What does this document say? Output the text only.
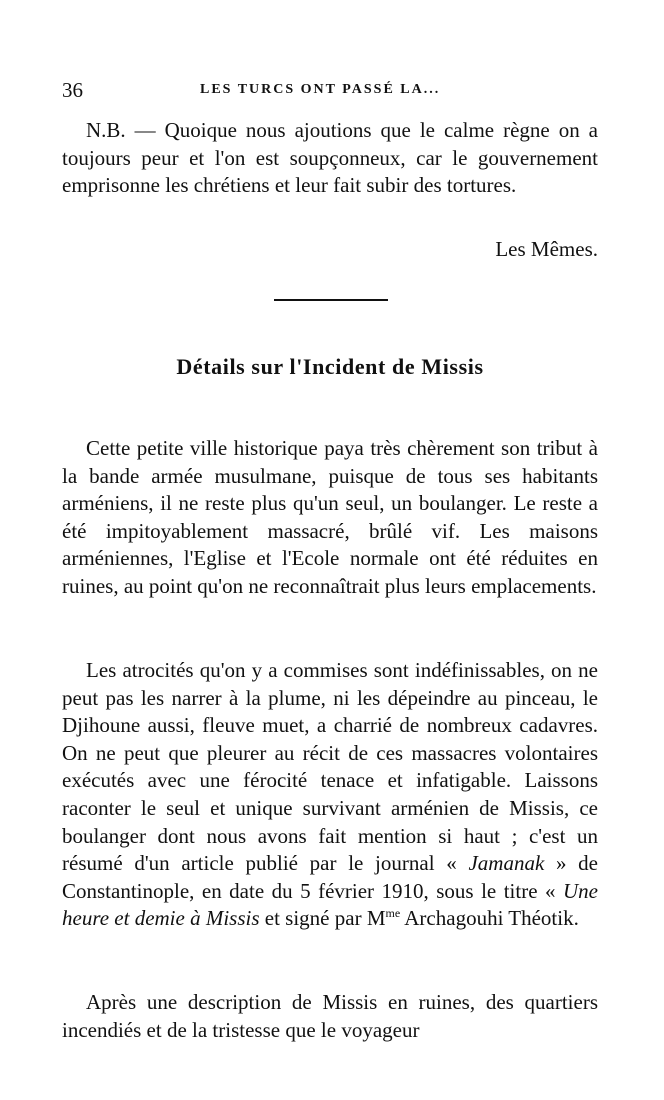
36	LES TURCS ONT PASSÉ LA...

N.B. — Quoique nous ajoutions que le calme règne on a toujours peur et l'on est soupçonneux, car le gouvernement emprisonne les chrétiens et leur fait subir des tortures.

Les Mêmes.
Détails sur l'Incident de Missis

Cette petite ville historique paya très chèrement son tribut à la bande armée musulmane, puisque de tous ses habitants arméniens, il ne reste plus qu'un seul, un boulanger. Le reste a été impitoyablement massacré, brûlé vif. Les maisons arméniennes, l'Eglise et l'Ecole normale ont été réduites en ruines, au point qu'on ne reconnaîtrait plus leurs emplacements.

Les atrocités qu'on y a commises sont indéfinissables, on ne peut pas les narrer à la plume, ni les dépeindre au pinceau, le Djihoune aussi, fleuve muet, a charrié de nombreux cadavres. On ne peut que pleurer au récit de ces massacres volontaires exécutés avec une férocité tenace et infatigable. Laissons raconter le seul et unique survivant arménien de Missis, ce boulanger dont nous avons fait mention si haut ; c'est un résumé d'un article publié par le journal « Jamanak » de Constantinople, en date du 5 février 1910, sous le titre « Une heure et demie à Missis et signé par $M^{me}$ Archagouhi Théotik.

Après une description de Missis en ruines, des quartiers incendiés et de la tristesse que le voyageur
